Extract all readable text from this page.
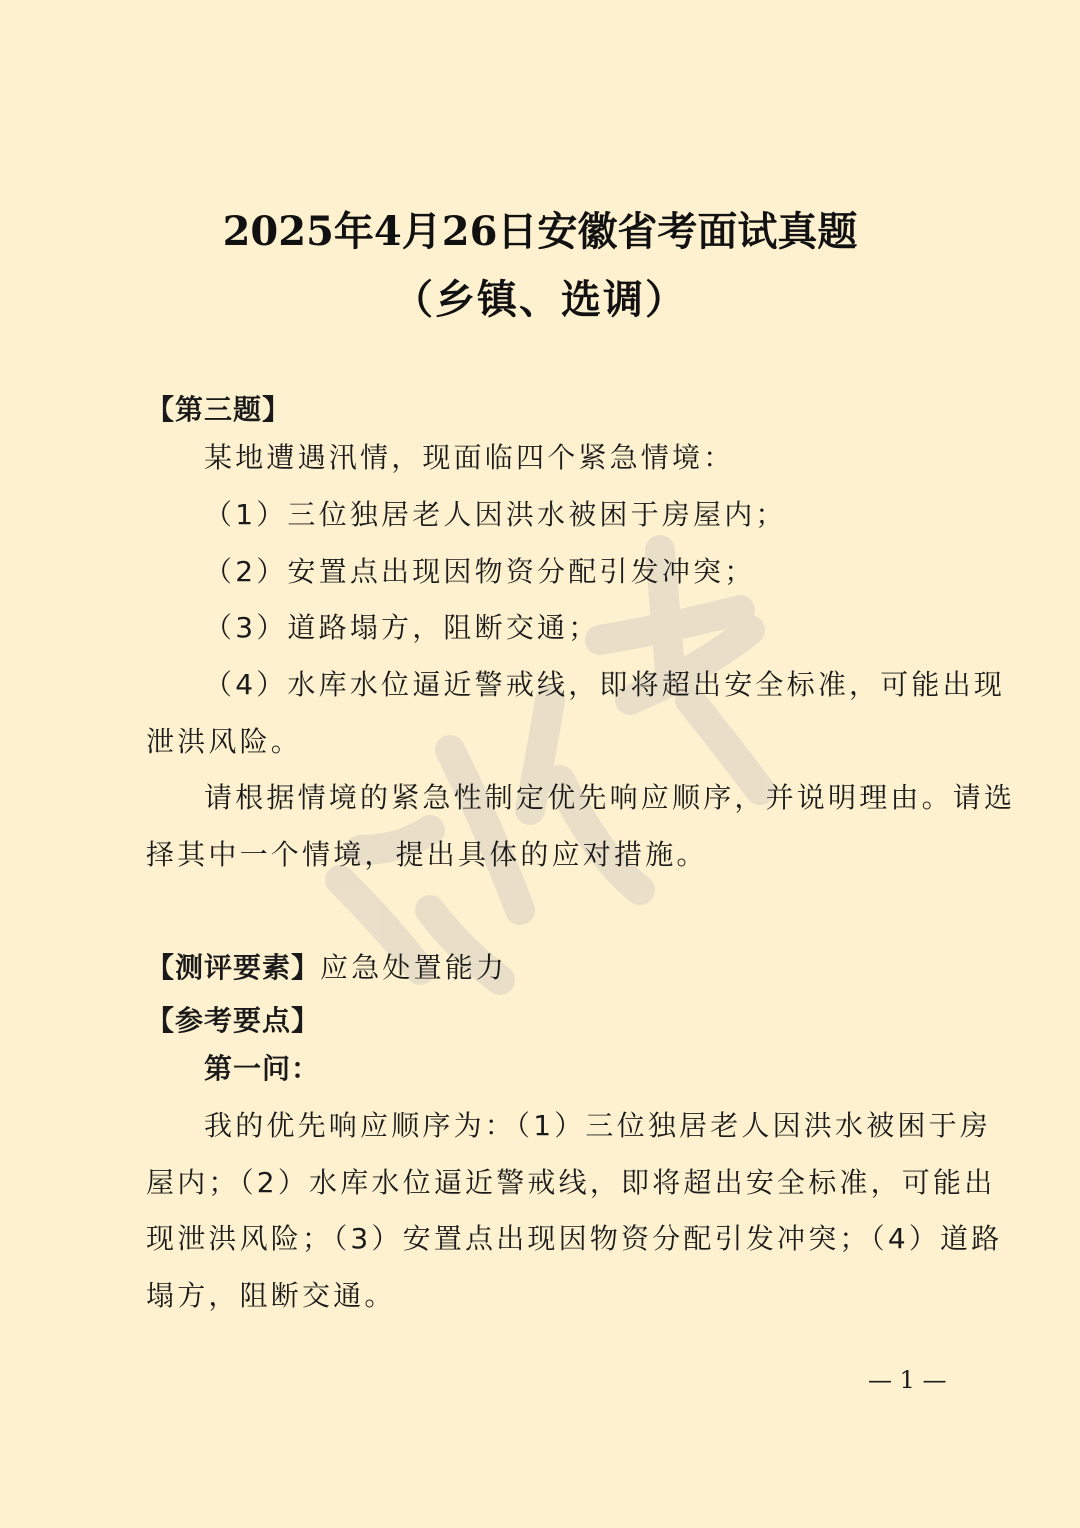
2025年4月26日安徽省考面试真题
（乡镇、选调）
【第三题】
某地遭遇汛情，现面临四个紧急情境：
（1）三位独居老人因洪水被困于房屋内；
（2）安置点出现因物资分配引发冲突；
（3）道路塌方，阻断交通；
（4）水库水位逼近警戒线，即将超出安全标准，可能出现
泄洪风险。
请根据情境的紧急性制定优先响应顺序，并说明理由。请选
择其中一个情境，提出具体的应对措施。
【测评要素】应急处置能力
【参考要点】
第一问：
我的优先响应顺序为：（1）三位独居老人因洪水被困于房
屋内；（2）水库水位逼近警戒线，即将超出安全标准，可能出
现泄洪风险；（3）安置点出现因物资分配引发冲突；（4）道路
塌方，阻断交通。
— 1 —
